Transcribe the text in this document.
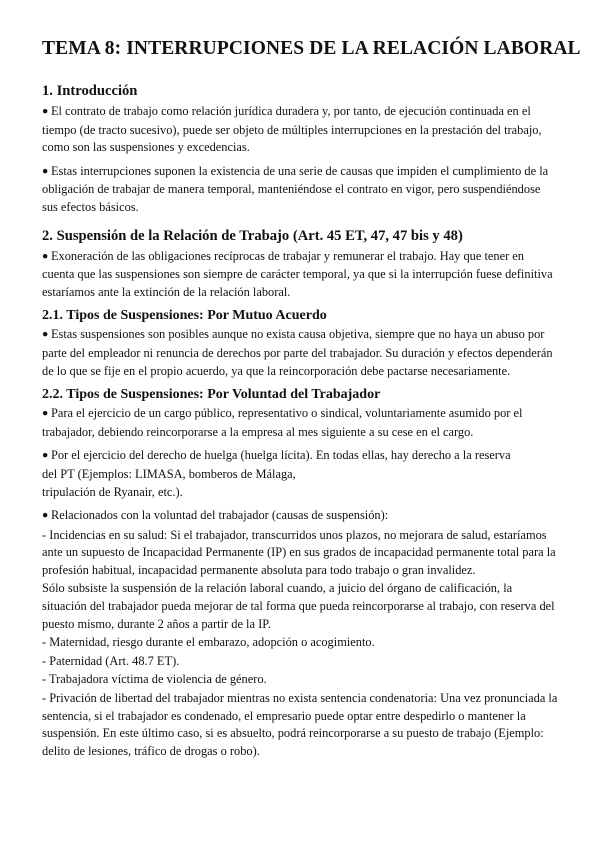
TEMA 8: INTERRUPCIONES DE LA RELACIÓN LABORAL
1. Introducción

● El contrato de trabajo como relación jurídica duradera y, por tanto, de ejecución continuada en el tiempo (de tracto sucesivo), puede ser objeto de múltiples interrupciones en la prestación del trabajo, como son las suspensiones y excedencias.

● Estas interrupciones suponen la existencia de una serie de causas que impiden el cumplimiento de la obligación de trabajar de manera temporal, manteniéndose el contrato en vigor, pero suspendiéndose sus efectos básicos.

2. Suspensión de la Relación de Trabajo (Art. 45 ET, 47, 47 bis y 48)

● Exoneración de las obligaciones recíprocas de trabajar y remunerar el trabajo. Hay que tener en cuenta que las suspensiones son siempre de carácter temporal, ya que si la interrupción fuese definitiva estaríamos ante la extinción de la relación laboral.

2.1. Tipos de Suspensiones: Por Mutuo Acuerdo

● Estas suspensiones son posibles aunque no exista causa objetiva, siempre que no haya un abuso por parte del empleador ni renuncia de derechos por parte del trabajador. Su duración y efectos dependerán de lo que se fije en el propio acuerdo, ya que la reincorporación debe pactarse necesariamente.

2.2. Tipos de Suspensiones: Por Voluntad del Trabajador

● Para el ejercicio de un cargo público, representativo o sindical, voluntariamente asumido por el trabajador, debiendo reincorporarse a la empresa al mes siguiente a su cese en el cargo.

● Por el ejercicio del derecho de huelga (huelga lícita). En todas ellas, hay derecho a la reserva
del PT (Ejemplos: LIMASA, bomberos de Málaga,
tripulación de Ryanair, etc.).

● Relacionados con la voluntad del trabajador (causas de suspensión):

- Incidencias en su salud: Si el trabajador, transcurridos unos plazos, no mejorara de salud, estaríamos ante un supuesto de Incapacidad Permanente (IP) en sus grados de incapacidad permanente total para la profesión habitual, incapacidad permanente absoluta para todo trabajo o gran invalidez.

Sólo subsiste la suspensión de la relación laboral cuando, a juicio del órgano de calificación, la situación del trabajador pueda mejorar de tal forma que pueda reincorporarse al trabajo, con reserva del puesto mismo, durante 2 años a partir de la IP.

- Maternidad, riesgo durante el embarazo, adopción o acogimiento.

- Paternidad (Art. 48.7 ET).

- Trabajadora víctima de violencia de género.

- Privación de libertad del trabajador mientras no exista sentencia condenatoria: Una vez pronunciada la sentencia, si el trabajador es condenado, el empresario puede optar entre despedirlo o mantener la suspensión. En este último caso, si es absuelto, podrá reincorporarse a su puesto de trabajo (Ejemplo: delito de lesiones, tráfico de drogas o robo).
